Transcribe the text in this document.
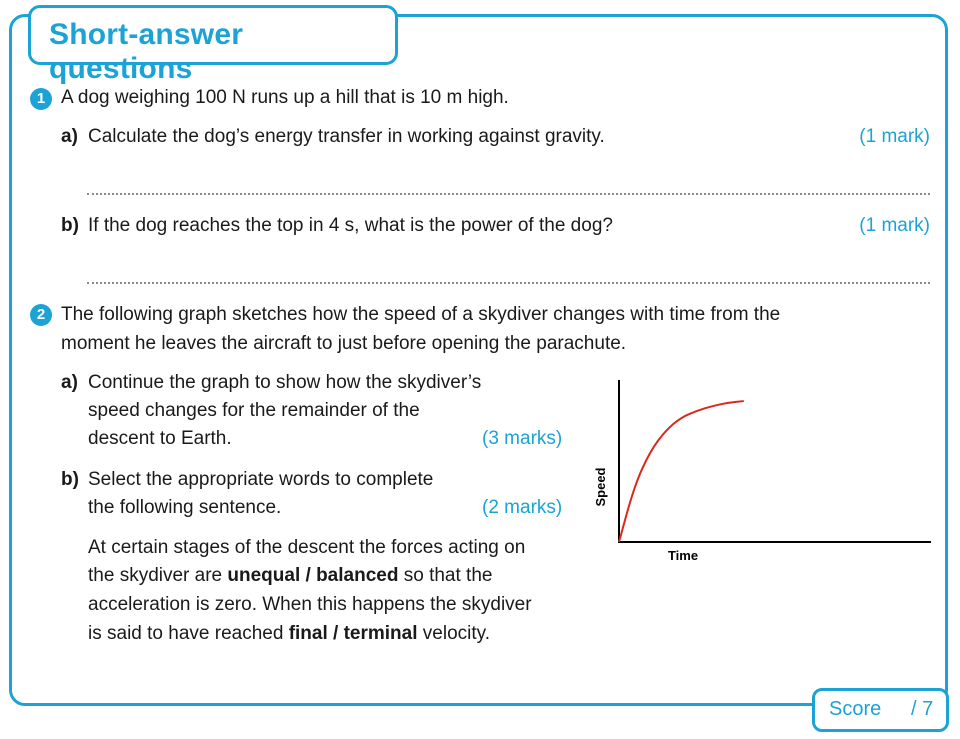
Short-answer questions
1 A dog weighing 100 N runs up a hill that is 10 m high.
a) Calculate the dog’s energy transfer in working against gravity.	(1 mark)
b) If the dog reaches the top in 4 s, what is the power of the dog?	(1 mark)
2 The following graph sketches how the speed of a skydiver changes with time from the
moment he leaves the aircraft to just before opening the parachute.
a) Continue the graph to show how the skydiver’s
speed changes for the remainder of the
descent to Earth.	(3 marks)
b) Select the appropriate words to complete
the following sentence.	(2 marks)
At certain stages of the descent the forces acting on
the skydiver are unequal / balanced so that the
acceleration is zero. When this happens the skydiver
is said to have reached final / terminal velocity.
Speed
Time
Score / 7
